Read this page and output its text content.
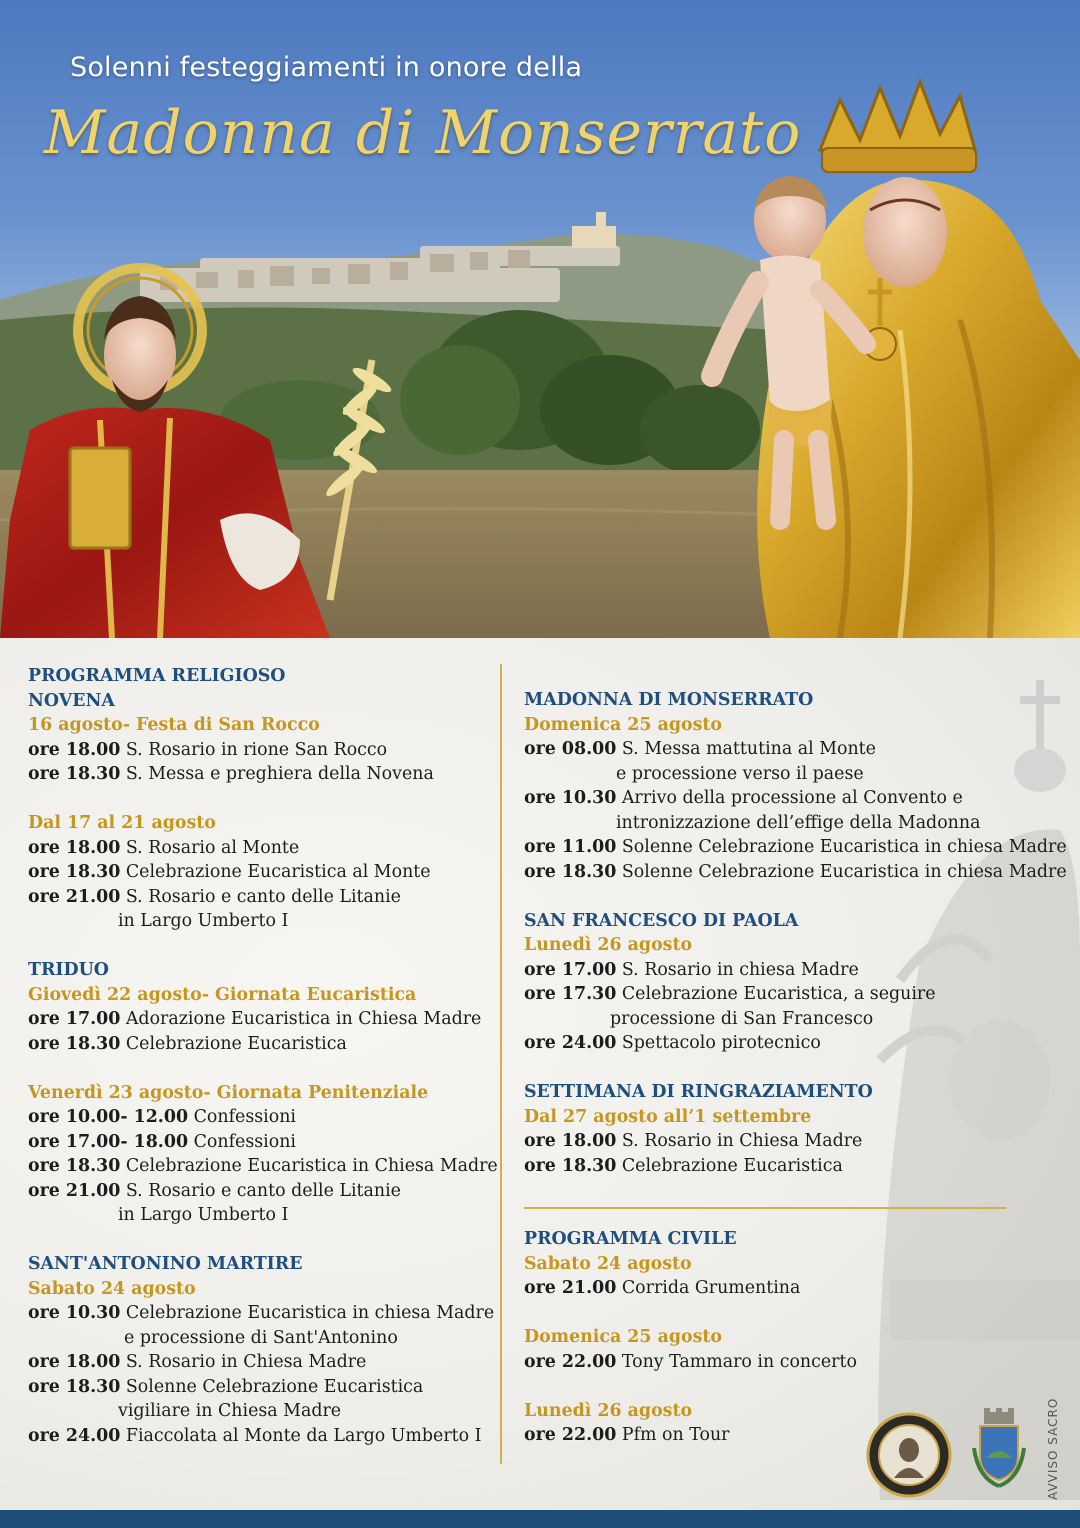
Solenni festeggiamenti in onore della
Madonna di Monserrato
PROGRAMMA RELIGIOSO
NOVENA
16 agosto- Festa di San Rocco
ore 18.00 S. Rosario in rione San Rocco
ore 18.30 S. Messa e preghiera della Novena
Dal 17 al 21 agosto
ore 18.00 S. Rosario al Monte
ore 18.30 Celebrazione Eucaristica al Monte
ore 21.00 S. Rosario e canto delle Litanie
in Largo Umberto I
TRIDUO
Giovedì 22 agosto- Giornata Eucaristica
ore 17.00 Adorazione Eucaristica in Chiesa Madre
ore 18.30 Celebrazione Eucaristica
Venerdì 23 agosto- Giornata Penitenziale
ore 10.00- 12.00 Confessioni
ore 17.00- 18.00 Confessioni
ore 18.30 Celebrazione Eucaristica in Chiesa Madre
ore 21.00 S. Rosario e canto delle Litanie
in Largo Umberto I
SANT'ANTONINO MARTIRE
Sabato 24 agosto
ore 10.30 Celebrazione Eucaristica in chiesa Madre
e processione di Sant'Antonino
ore 18.00 S. Rosario in Chiesa Madre
ore 18.30 Solenne Celebrazione Eucaristica
vigiliare in Chiesa Madre
ore 24.00 Fiaccolata al Monte da Largo Umberto I
MADONNA DI MONSERRATO
Domenica 25 agosto
ore 08.00 S. Messa mattutina al Monte
e processione verso il paese
ore 10.30 Arrivo della processione al Convento e
intronizzazione dell’effige della Madonna
ore 11.00 Solenne Celebrazione Eucaristica in chiesa Madre
ore 18.30 Solenne Celebrazione Eucaristica in chiesa Madre
SAN FRANCESCO DI PAOLA
Lunedì 26 agosto
ore 17.00 S. Rosario in chiesa Madre
ore 17.30 Celebrazione Eucaristica, a seguire
processione di San Francesco
ore 24.00 Spettacolo pirotecnico
SETTIMANA DI RINGRAZIAMENTO
Dal 27 agosto all’1 settembre
ore 18.00 S. Rosario in Chiesa Madre
ore 18.30 Celebrazione Eucaristica
PROGRAMMA CIVILE
Sabato 24 agosto
ore 21.00 Corrida Grumentina
Domenica 25 agosto
ore 22.00 Tony Tammaro in concerto
Lunedì 26 agosto
ore 22.00 Pfm on Tour	AVVISO SACRO
